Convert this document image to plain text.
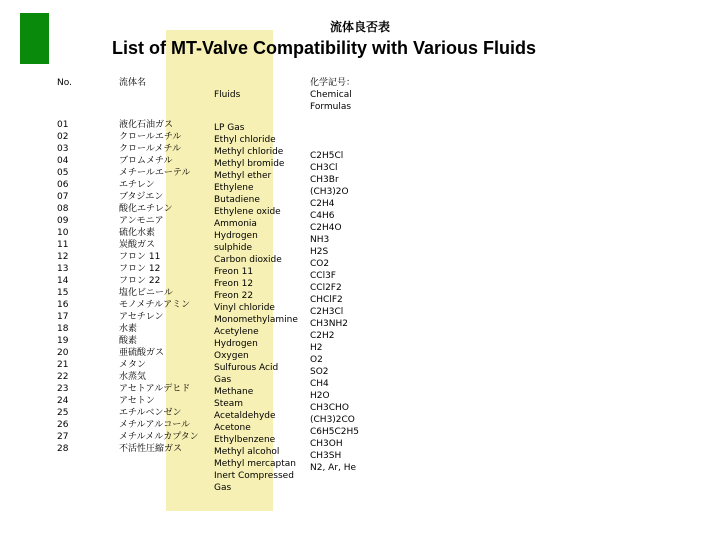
流体良否表
List of MT-Valve Compatibility with Various Fluids
No.	流体名
Fluids
化学記号：
Chemical
Formulas
01
02
03
04
05
06
07
08
09
10
11
12
13
14
15
16
17
18
19
20
21
22
23
24
25
26
27
28
液化石油ガス
クロールエチル
クロールメチル
ブロムメチル
メチールエーテル
エチレン
ブタジエン
酸化エチレン
アンモニア
硫化水素
炭酸ガス
フロン 11
フロン 12
フロン 22
塩化ビニール
モノメチルアミン
アセチレン
水素
酸素
亜硫酸ガス
メタン
水蒸気
アセトアルデヒド
アセトン
エチルベンゼン
メチルアルコール
メチルメルカプタン
不活性圧縮ガス
LP Gas
Ethyl chloride
Methyl chloride
Methyl bromide
Methyl ether
Ethylene
Butadiene
Ethylene oxide
Ammonia
Hydrogen
sulphide
Carbon dioxide
Freon 11
Freon 12
Freon 22
Vinyl chloride
Monomethylamine
Acetylene
Hydrogen
Oxygen
Sulfurous Acid
Gas
Methane
Steam
Acetaldehyde
Acetone
Ethylbenzene
Methyl alcohol
Methyl mercaptan
Inert Compressed
Gas
C2H5Cl
CH3Cl
CH3Br
(CH3)2O
C2H4
C4H6
C2H4O
NH3
H2S
CO2
CCl3F
CCl2F2
CHClF2
C2H3Cl
CH3NH2
C2H2
H2
O2
SO2
CH4
H2O
CH3CHO
(CH3)2CO
C6H5C2H5
CH3OH
CH3SH
N2, Ar, He
